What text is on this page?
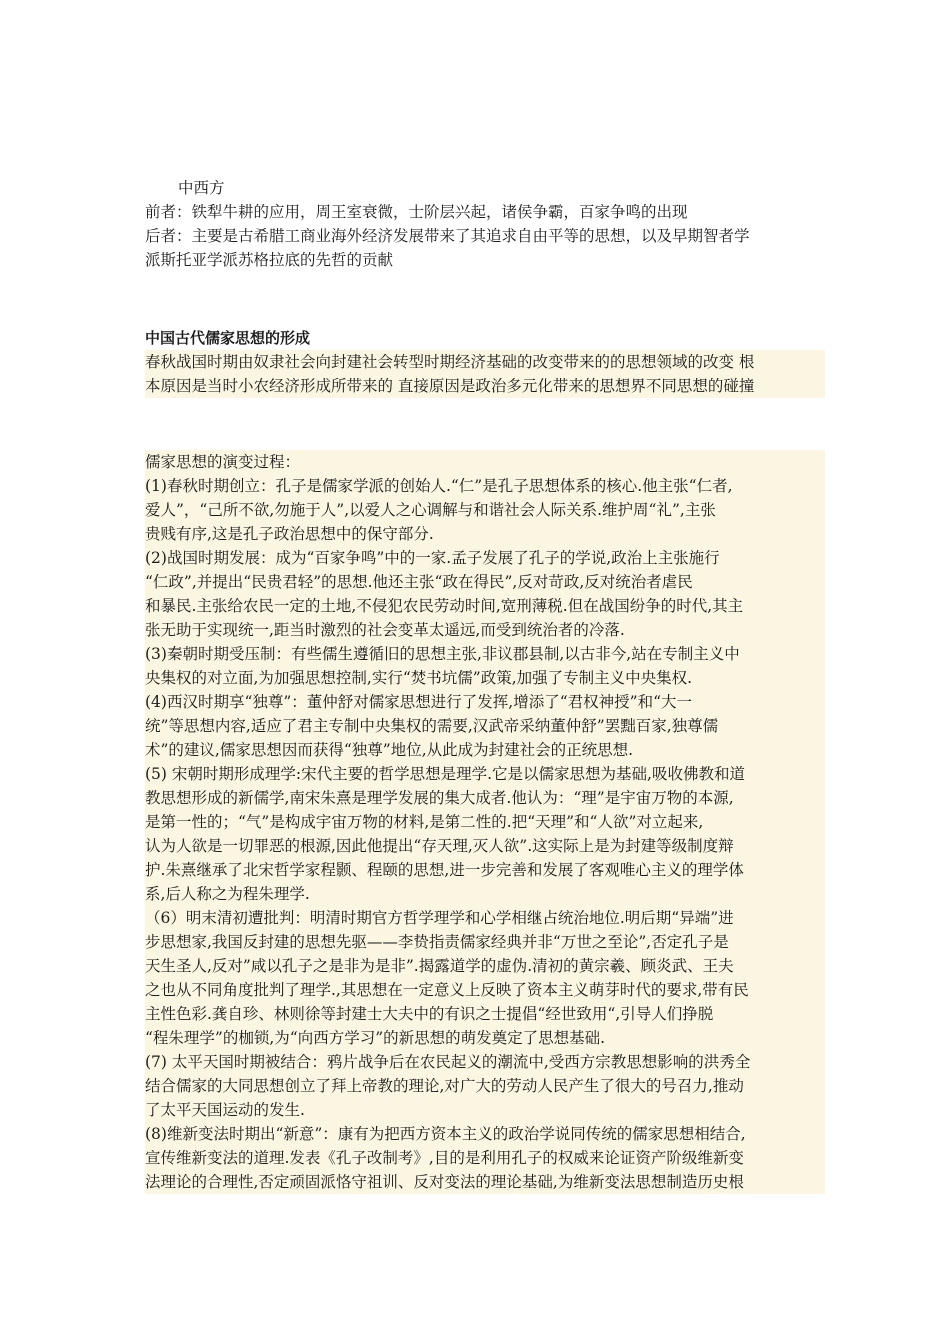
中西方

前者：铁犁牛耕的应用，周王室衰微，士阶层兴起，诸侯争霸，百家争鸣的出现

后者：主要是古希腊工商业海外经济发展带来了其追求自由平等的思想，以及早期智者学

派斯托亚学派苏格拉底的先哲的贡献

中国古代儒家思想的形成

春秋战国时期由奴隶社会向封建社会转型时期经济基础的改变带来的的思想领域的改变 根

本原因是当时小农经济形成所带来的 直接原因是政治多元化带来的思想界不同思想的碰撞

儒家思想的演变过程：

(1)春秋时期创立：孔子是儒家学派的创始人.“仁”是孔子思想体系的核心.他主张“仁者,

爱人”，“己所不欲,勿施于人”,以爱人之心调解与和谐社会人际关系.维护周“礼”,主张

贵贱有序,这是孔子政治思想中的保守部分.

(2)战国时期发展：成为“百家争鸣”中的一家.孟子发展了孔子的学说,政治上主张施行

“仁政”,并提出“民贵君轻”的思想.他还主张“政在得民”,反对苛政,反对统治者虐民

和暴民.主张给农民一定的土地,不侵犯农民劳动时间,宽刑薄税.但在战国纷争的时代,其主

张无助于实现统一,距当时激烈的社会变革太遥远,而受到统治者的冷落.

(3)秦朝时期受压制：有些儒生遵循旧的思想主张,非议郡县制,以古非今,站在专制主义中

央集权的对立面,为加强思想控制,实行“焚书坑儒”政策,加强了专制主义中央集权.

(4)西汉时期享“独尊”：董仲舒对儒家思想进行了发挥,增添了“君权神授”和“大一

统”等思想内容,适应了君主专制中央集权的需要,汉武帝采纳董仲舒”罢黜百家,独尊儒

术”的建议,儒家思想因而获得“独尊”地位,从此成为封建社会的正统思想.

(5) 宋朝时期形成理学:宋代主要的哲学思想是理学.它是以儒家思想为基础,吸收佛教和道

教思想形成的新儒学,南宋朱熹是理学发展的集大成者.他认为：“理”是宇宙万物的本源,

是第一性的；“气”是构成宇宙万物的材料,是第二性的.把“天理”和“人欲”对立起来,

认为人欲是一切罪恶的根源,因此他提出“存天理,灭人欲”.这实际上是为封建等级制度辩

护.朱熹继承了北宋哲学家程颢、程颐的思想,进一步完善和发展了客观唯心主义的理学体

系,后人称之为程朱理学.

（6）明末清初遭批判：明清时期官方哲学理学和心学相继占统治地位.明后期“异端”进

步思想家,我国反封建的思想先驱——李贽指责儒家经典并非“万世之至论”,否定孔子是

天生圣人,反对”咸以孔子之是非为是非”.揭露道学的虚伪.清初的黄宗羲、顾炎武、王夫

之也从不同角度批判了理学.,其思想在一定意义上反映了资本主义萌芽时代的要求,带有民

主性色彩.龚自珍、林则徐等封建士大夫中的有识之士提倡“经世致用“,引导人们挣脱

“程朱理学”的枷锁,为“向西方学习”的新思想的萌发奠定了思想基础.

(7) 太平天国时期被结合：鸦片战争后在农民起义的潮流中,受西方宗教思想影响的洪秀全

结合儒家的大同思想创立了拜上帝教的理论,对广大的劳动人民产生了很大的号召力,推动

了太平天国运动的发生.

(8)维新变法时期出“新意”：康有为把西方资本主义的政治学说同传统的儒家思想相结合,

宣传维新变法的道理.发表《孔子改制考》,目的是利用孔子的权威来论证资产阶级维新变

法理论的合理性,否定顽固派恪守祖训、反对变法的理论基础,为维新变法思想制造历史根
